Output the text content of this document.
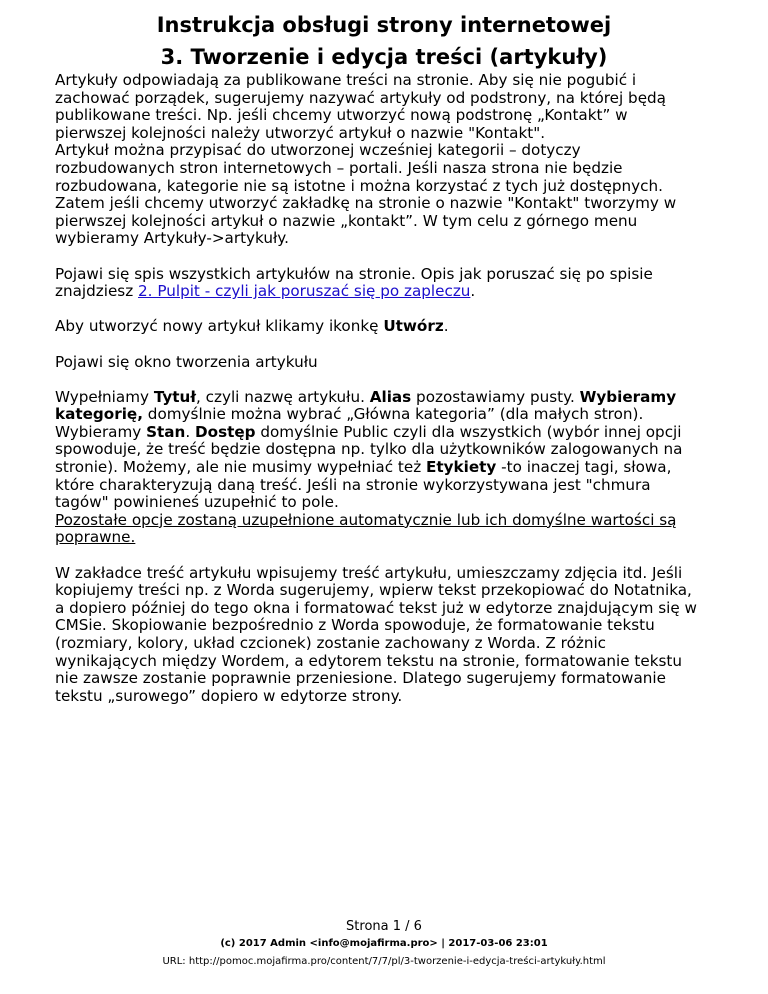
Instrukcja obsługi strony internetowej
3. Tworzenie i edycja treści (artykuły)

Artykuły odpowiadają za publikowane treści na stronie. Aby się nie pogubić i
zachować porządek, sugerujemy nazywać artykuły od podstrony, na której będą
publikowane treści. Np. jeśli chcemy utworzyć nową podstronę „Kontakt” w
pierwszej kolejności należy utworzyć artykuł o nazwie "Kontakt".
Artykuł można przypisać do utworzonej wcześniej kategorii – dotyczy
rozbudowanych stron internetowych – portali. Jeśli nasza strona nie będzie
rozbudowana, kategorie nie są istotne i można korzystać z tych już dostępnych.
Zatem jeśli chcemy utworzyć zakładkę na stronie o nazwie "Kontakt" tworzymy w
pierwszej kolejności artykuł o nazwie „kontakt”. W tym celu z górnego menu
wybieramy Artykuły->artykuły.

Pojawi się spis wszystkich artykułów na stronie. Opis jak poruszać się po spisie
znajdziesz 2. Pulpit - czyli jak poruszać się po zapleczu.

Aby utworzyć nowy artykuł klikamy ikonkę Utwórz.

Pojawi się okno tworzenia artykułu

Wypełniamy Tytuł, czyli nazwę artykułu. Alias pozostawiamy pusty. Wybieramy
kategorię, domyślnie można wybrać „Główna kategoria” (dla małych stron).
Wybieramy Stan. Dostęp domyślnie Public czyli dla wszystkich (wybór innej opcji
spowoduje, że treść będzie dostępna np. tylko dla użytkowników zalogowanych na
stronie). Możemy, ale nie musimy wypełniać też Etykiety -to inaczej tagi, słowa,
które charakteryzują daną treść. Jeśli na stronie wykorzystywana jest "chmura
tagów" powinieneś uzupełnić to pole.
Pozostałe opcje zostaną uzupełnione automatycznie lub ich domyślne wartości są
poprawne.

W zakładce treść artykułu wpisujemy treść artykułu, umieszczamy zdjęcia itd. Jeśli
kopiujemy treści np. z Worda sugerujemy, wpierw tekst przekopiować do Notatnika,
a dopiero później do tego okna i formatować tekst już w edytorze znajdującym się w
CMSie. Skopiowanie bezpośrednio z Worda spowoduje, że formatowanie tekstu
(rozmiary, kolory, układ czcionek) zostanie zachowany z Worda. Z różnic
wynikających między Wordem, a edytorem tekstu na stronie, formatowanie tekstu
nie zawsze zostanie poprawnie przeniesione. Dlatego sugerujemy formatowanie
tekstu „surowego” dopiero w edytorze strony.

Strona 1 / 6
(c) 2017 Admin <info@mojafirma.pro> | 2017-03-06 23:01
URL: http://pomoc.mojafirma.pro/content/7/7/pl/3-tworzenie-i-edycja-treści-artykuły.html
